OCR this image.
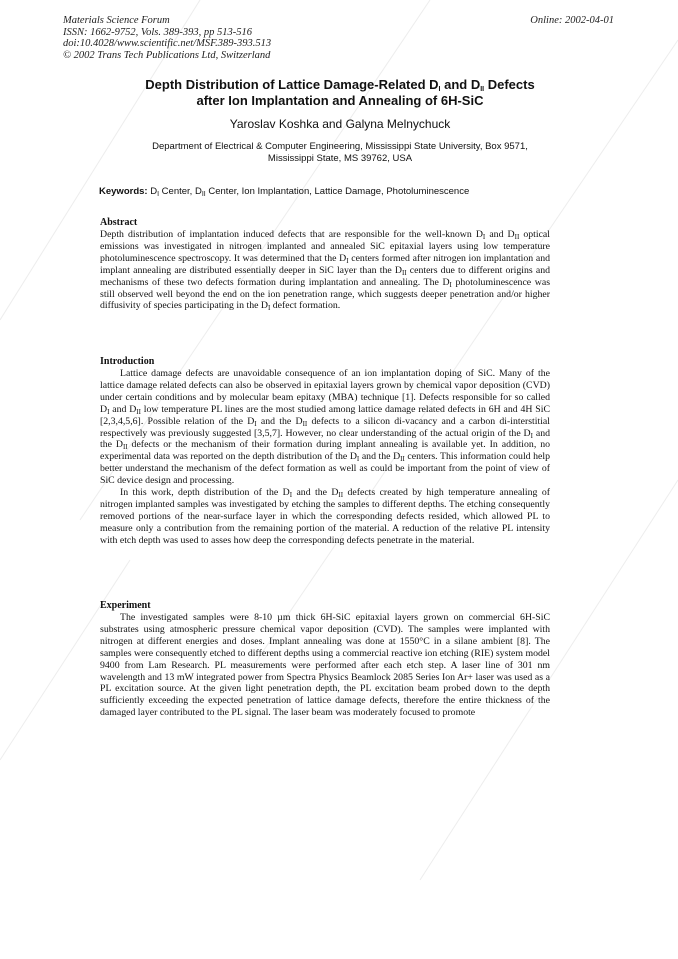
Materials Science Forum
ISSN: 1662-9752, Vols. 389-393, pp 513-516
doi:10.4028/www.scientific.net/MSF.389-393.513
© 2002 Trans Tech Publications Ltd, Switzerland
Online: 2002-04-01
Depth Distribution of Lattice Damage-Related $D_I$ and $D_{II}$ Defects
after Ion Implantation and Annealing of 6H-SiC
Yaroslav Koshka and Galyna Melnychuck
Department of Electrical & Computer Engineering, Mississippi State University, Box 9571,
Mississippi State, MS 39762, USA
Keywords: $D_I$ Center, $D_{II}$ Center, Ion Implantation, Lattice Damage, Photoluminescence
Abstract

Depth distribution of implantation induced defects that are responsible for the well-known $D_I$ and $D_{II}$ optical emissions was investigated in nitrogen implanted and annealed SiC epitaxial layers using low temperature photoluminescence spectroscopy. It was determined that the $D_I$ centers formed after nitrogen ion implantation and implant annealing are distributed essentially deeper in SiC layer than the $D_{II}$ centers due to different origins and mechanisms of these two defects formation during implantation and annealing. The $D_I$ photoluminescence was still observed well beyond the end on the ion penetration range, which suggests deeper penetration and/or higher diffusivity of species participating in the $D_I$ defect formation.

Introduction

Lattice damage defects are unavoidable consequence of an ion implantation doping of SiC. Many of the lattice damage related defects can also be observed in epitaxial layers grown by chemical vapor deposition (CVD) under certain conditions and by molecular beam epitaxy (MBA) technique [1]. Defects responsible for so called $D_I$ and $D_{II}$ low temperature PL lines are the most studied among lattice damage related defects in 6H and 4H SiC [2,3,4,5,6]. Possible relation of the $D_I$ and the $D_{II}$ defects to a silicon di-vacancy and a carbon di-interstitial respectively was previously suggested [3,5,7]. However, no clear understanding of the actual origin of the $D_I$ and the $D_{II}$ defects or the mechanism of their formation during implant annealing is available yet. In addition, no experimental data was reported on the depth distribution of the $D_I$ and the $D_{II}$ centers. This information could help better understand the mechanism of the defect formation as well as could be important from the point of view of SiC device design and processing.

In this work, depth distribution of the $D_I$ and the $D_{II}$ defects created by high temperature annealing of nitrogen implanted samples was investigated by etching the samples to different depths. The etching consequently removed portions of the near-surface layer in which the corresponding defects resided, which allowed PL to measure only a contribution from the remaining portion of the material. A reduction of the relative PL intensity with etch depth was used to asses how deep the corresponding defects penetrate in the material.

Experiment

The investigated samples were 8-10 µm thick 6H-SiC epitaxial layers grown on commercial 6H-SiC substrates using atmospheric pressure chemical vapor deposition (CVD). The samples were implanted with nitrogen at different energies and doses. Implant annealing was done at 1550°C in a silane ambient [8]. The samples were consequently etched to different depths using a commercial reactive ion etching (RIE) system model 9400 from Lam Research. PL measurements were performed after each etch step. A laser line of 301 nm wavelength and 13 mW integrated power from Spectra Physics Beamlock 2085 Series Ion Ar+ laser was used as a PL excitation source. At the given light penetration depth, the PL excitation beam probed down to the depth sufficiently exceeding the expected penetration of lattice damage defects, therefore the entire thickness of the damaged layer contributed to the PL signal. The laser beam was moderately focused to promote
